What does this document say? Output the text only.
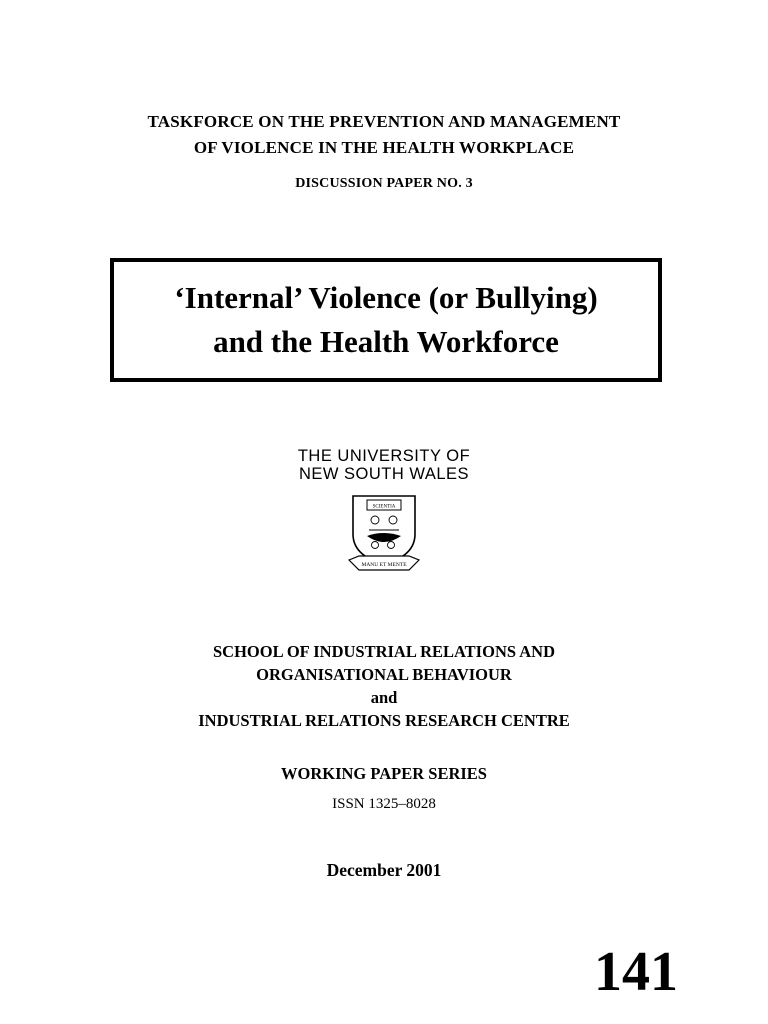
TASKFORCE ON THE PREVENTION AND MANAGEMENT
OF VIOLENCE IN THE HEALTH WORKPLACE
DISCUSSION PAPER NO. 3
‘Internal’ Violence (or Bullying)
and the Health Workforce
THE UNIVERSITY OF
NEW SOUTH WALES
SCIENTIA
MANU ET MENTE
SCHOOL OF INDUSTRIAL RELATIONS AND
ORGANISATIONAL BEHAVIOUR
and
INDUSTRIAL RELATIONS RESEARCH CENTRE
WORKING PAPER SERIES
ISSN 1325–8028
December 2001
141
